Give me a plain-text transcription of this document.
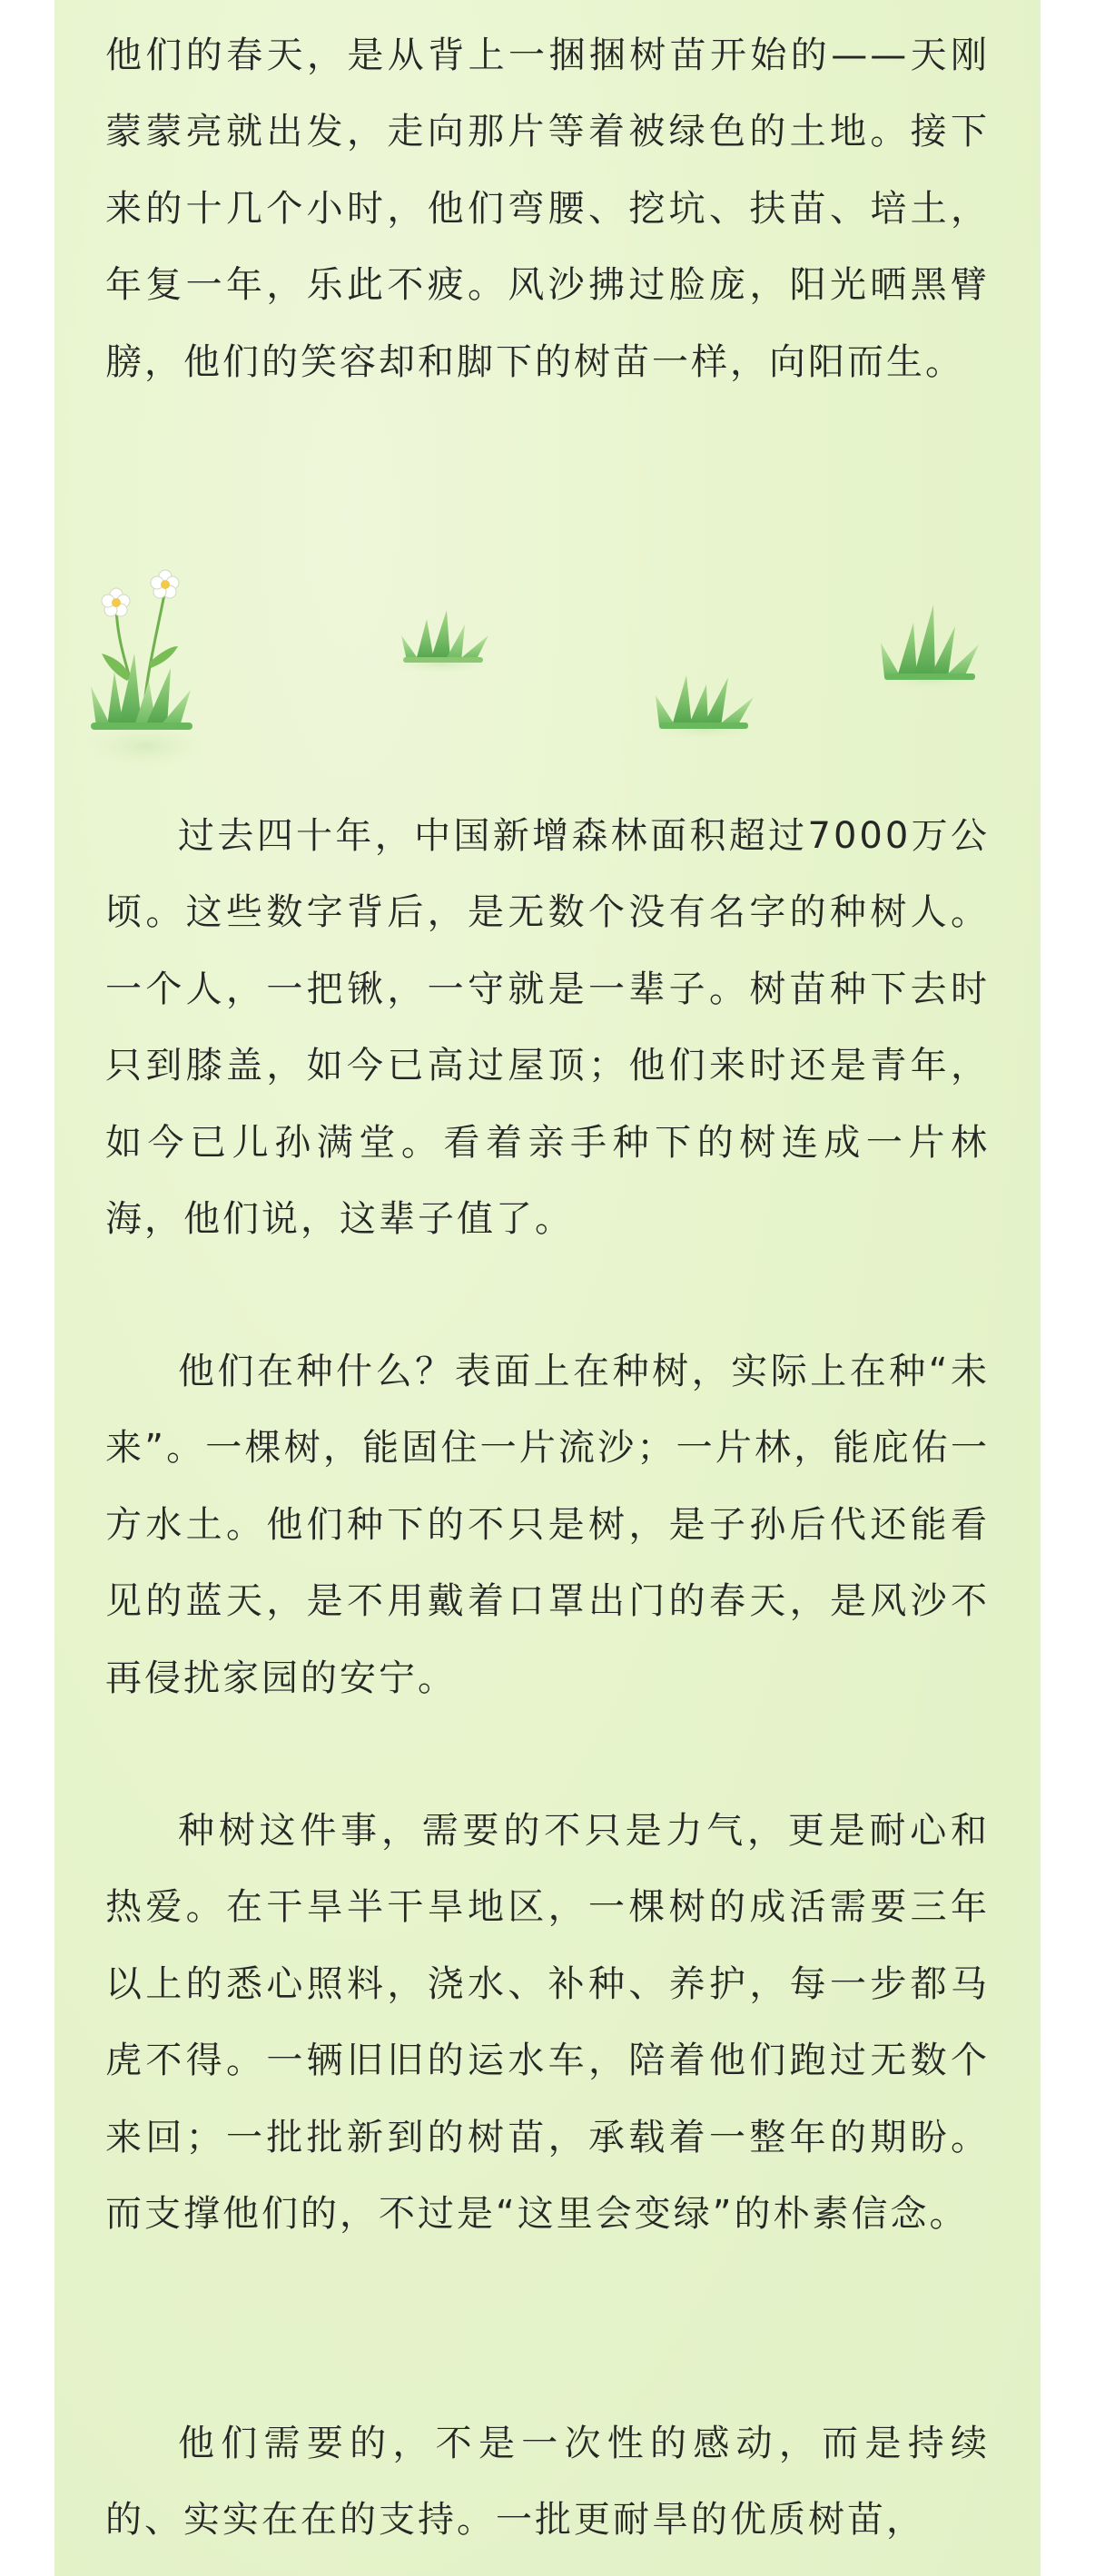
他们的春天，是从背上一捆捆树苗开始的——天刚蒙蒙亮就出发，走向那片等着被绿色的土地。接下来的十几个小时，他们弯腰、挖坑、扶苗、培土，年复一年，乐此不疲。风沙拂过脸庞，阳光晒黑臂膀，他们的笑容却和脚下的树苗一样，向阳而生。

过去四十年，中国新增森林面积超过7000万公顷。这些数字背后，是无数个没有名字的种树人。一个人，一把锹，一守就是一辈子。树苗种下去时只到膝盖，如今已高过屋顶；他们来时还是青年，如今已儿孙满堂。看着亲手种下的树连成一片林海，他们说，这辈子值了。

他们在种什么？表面上在种树，实际上在种“未来”。一棵树，能固住一片流沙；一片林，能庇佑一方水土。他们种下的不只是树，是子孙后代还能看见的蓝天，是不用戴着口罩出门的春天，是风沙不再侵扰家园的安宁。

种树这件事，需要的不只是力气，更是耐心和热爱。在干旱半干旱地区，一棵树的成活需要三年以上的悉心照料，浇水、补种、养护，每一步都马虎不得。一辆旧旧的运水车，陪着他们跑过无数个来回；一批批新到的树苗，承载着一整年的期盼。而支撑他们的，不过是“这里会变绿”的朴素信念。

他们需要的，不是一次性的感动，而是持续的、实实在在的支持。一批更耐旱的优质树苗，
